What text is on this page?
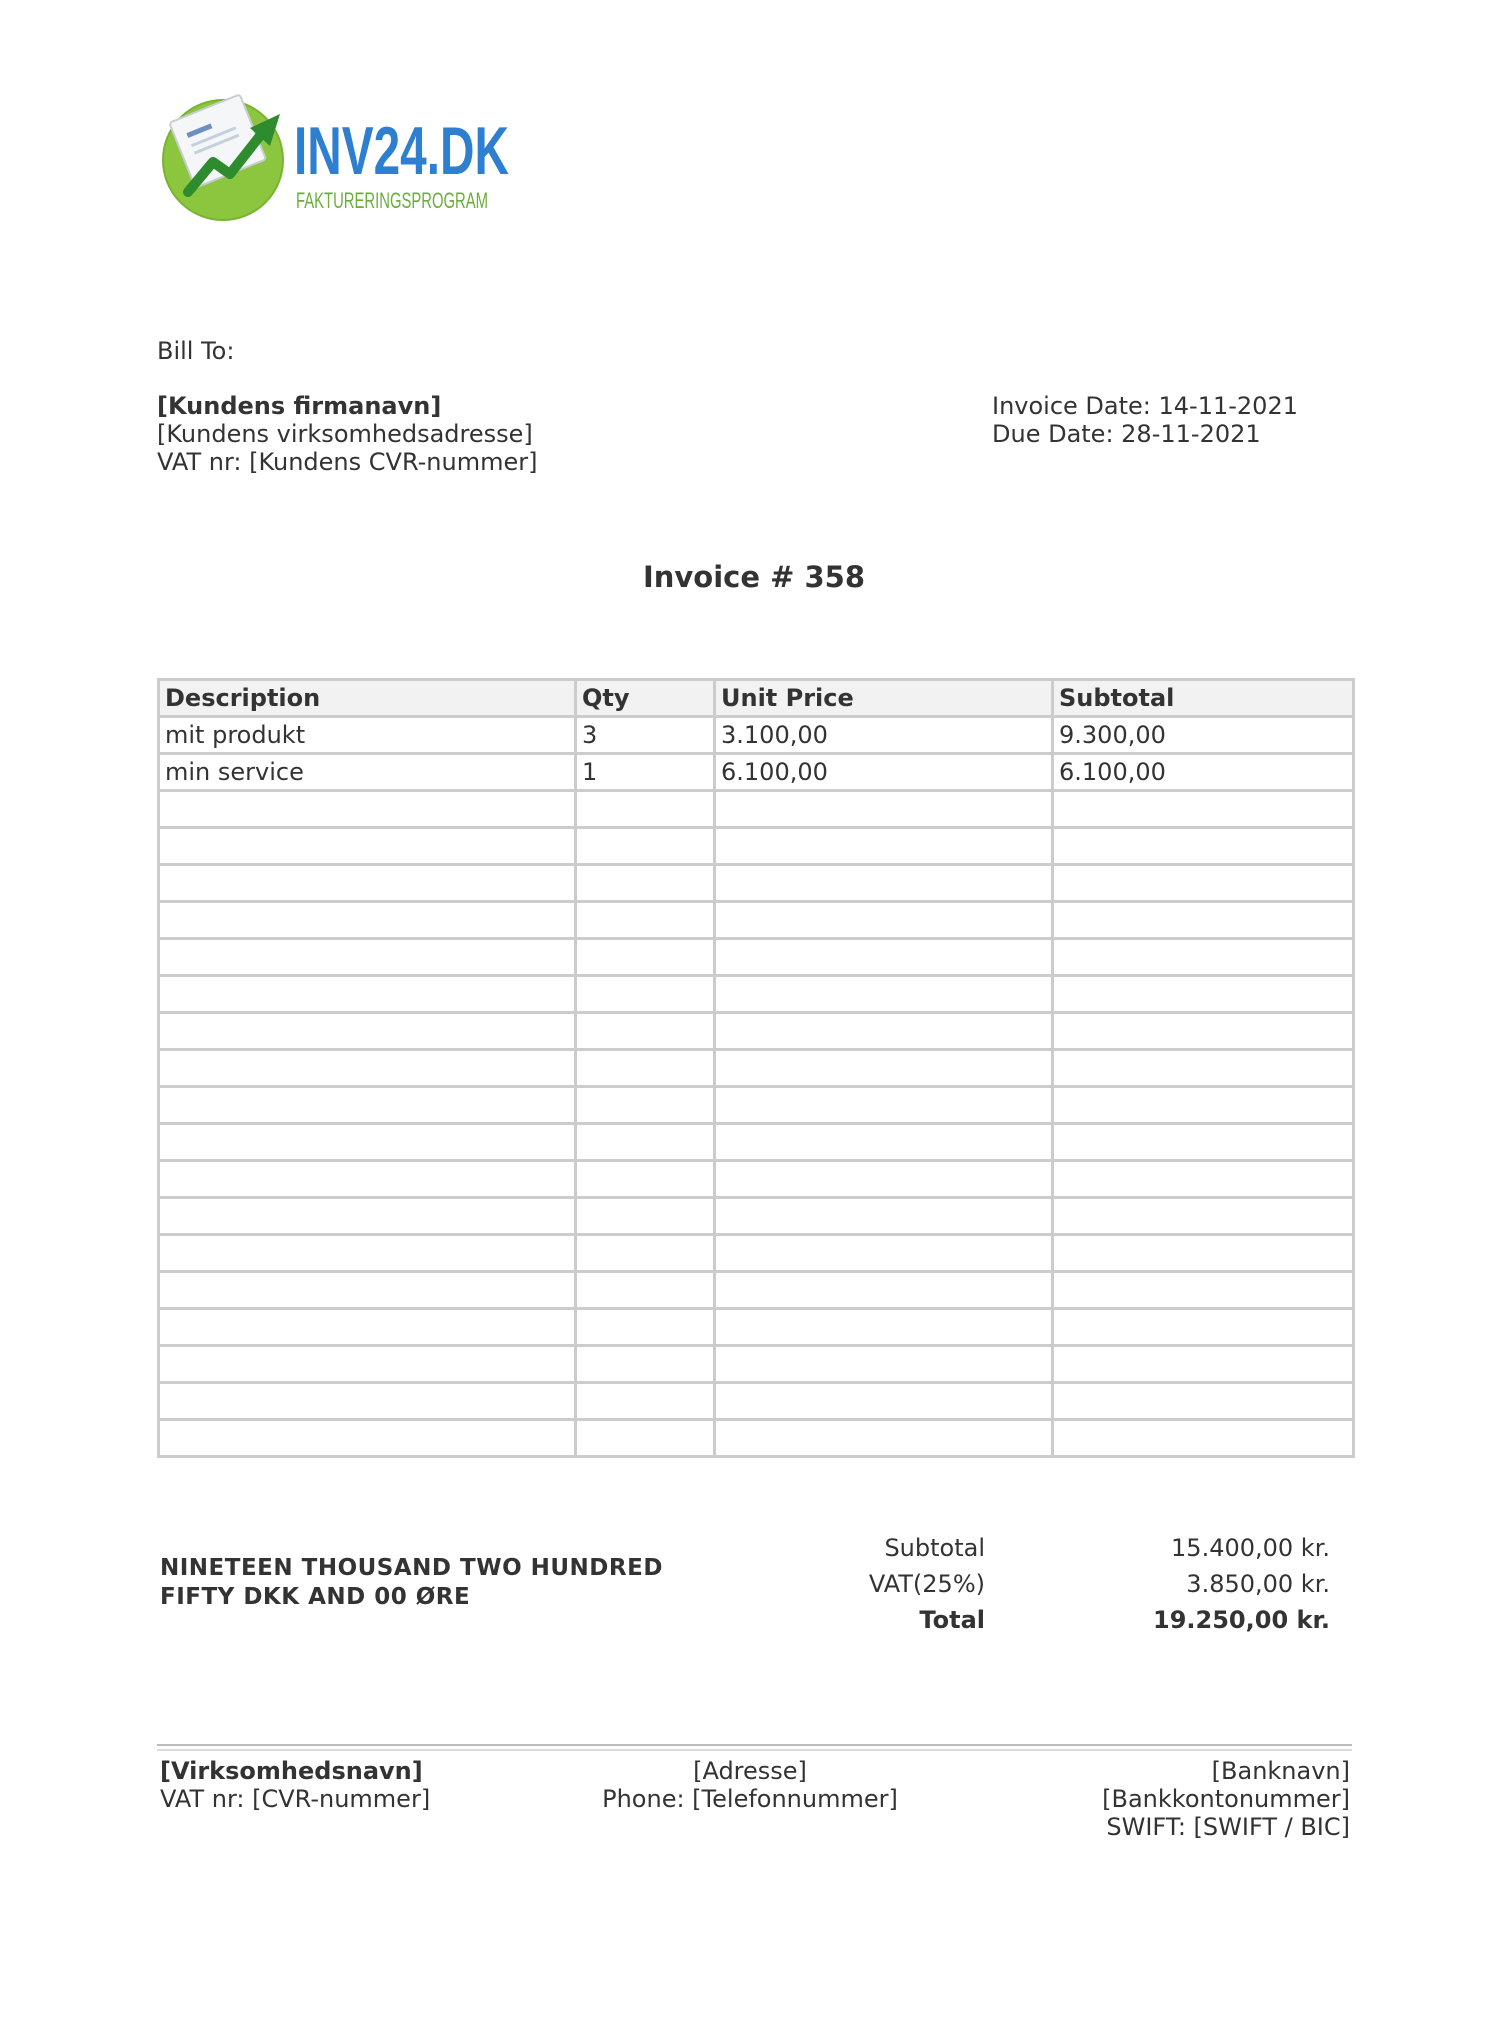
INV24.DK
FAKTURERINGSPROGRAM
Bill To:
[Kundens firmanavn]
[Kundens virksomhedsadresse]
VAT nr: [Kundens CVR-nummer]
Invoice Date: 14-11-2021
Due Date: 28-11-2021
Invoice # 358
Description	Qty	Unit Price	Subtotal
mit produkt	3	3.100,00	9.300,00
min service	1	6.100,00	6.100,00

NINETEEN THOUSAND TWO HUNDRED
FIFTY DKK AND 00 ØRE
Subtotal	15.400,00 kr.
VAT(25%)	3.850,00 kr.
Total	19.250,00 kr.
[Virksomhedsnavn]
VAT nr: [CVR-nummer]
[Adresse]
Phone: [Telefonnummer]
[Banknavn]
[Bankkontonummer]
SWIFT: [SWIFT / BIC]
